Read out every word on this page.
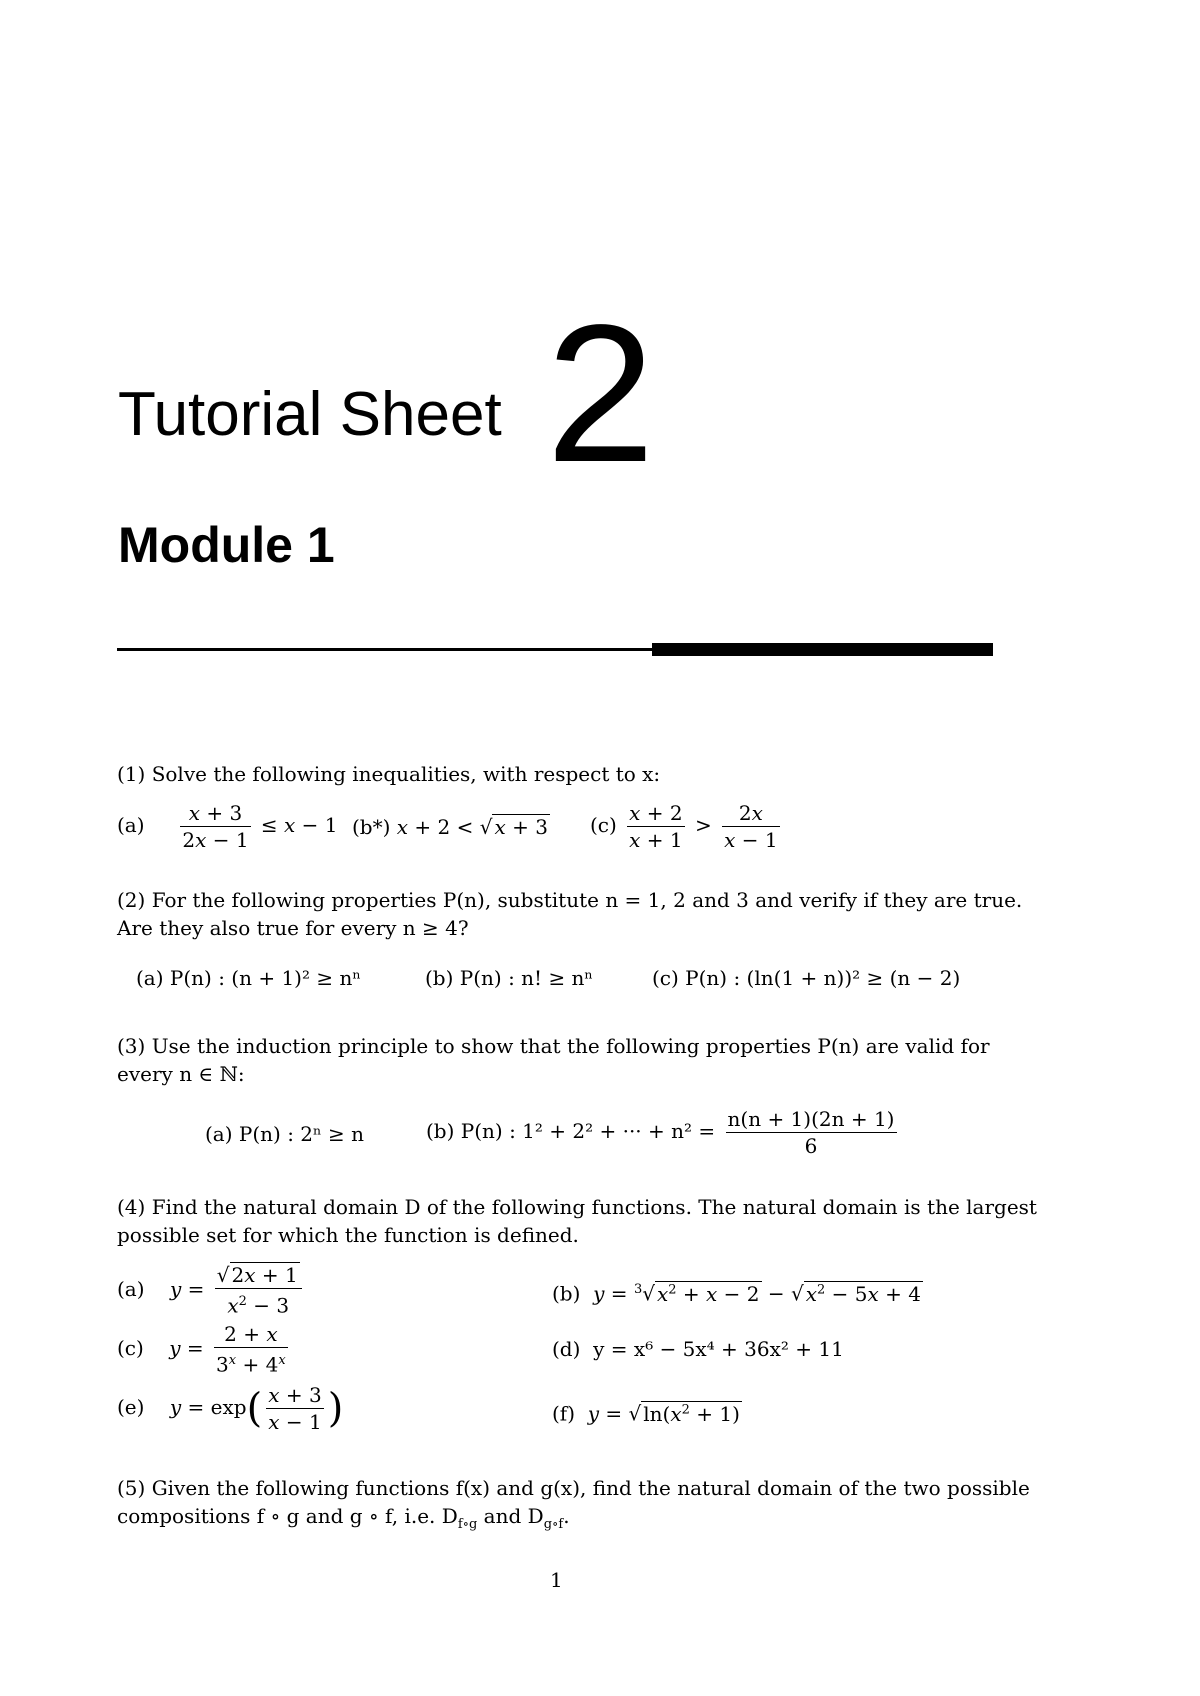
Tutorial Sheet 2
Module 1
(1) Solve the following inequalities, with respect to x:
$(a) \frac{x + 3}{2x - 1} \le x - 1$ (b*) x + 2 < √ x + 3 $(c) \frac{x + 2}{x + 1} > \frac{2x}{x - 1}$
(2) For the following properties P(n), substitute n = 1, 2 and 3 and verify if they are true.
Are they also true for every n ≥ 4?
(a) P(n) : (n + 1)² ≥ nⁿ	(b) P(n) : n! ≥ nⁿ	(c) P(n) : (ln(1 + n))² ≥ (n − 2)
(3) Use the induction principle to show that the following properties P(n) are valid for
every n ∈ ℕ:
(a) P(n) : 2ⁿ ≥ n	(b) P(n) : 1² + 2² + ··· + $n^2 = \frac{n(n + 1)(2n + 1)}{6}$
(4) Find the natural domain D of the following functions. The natural domain is the largest
possible set for which the function is defined.
(a) $y = \frac{√ 2x + 1}{x^2 - 3}$	(b) y = $^3$√ $x^2 + x - 2$ − √ $x^2 - 5x + 4$
(c) $y = \frac{2 + x}{3^x + 4^x}$	(d) y = x⁶ − 5x⁴ + 36x² + 11
(e) $y = \exp( \frac{x + 3}{x - 1}$ )	(f) y = √ $\ln(x^2 + 1)$
(5) Given the following functions f(x) and g(x), find the natural domain of the two possible
compositions f ∘ g and g ∘ f, i.e. $D_{f\circ g}$ and $D_{g\circ f}$.
1
